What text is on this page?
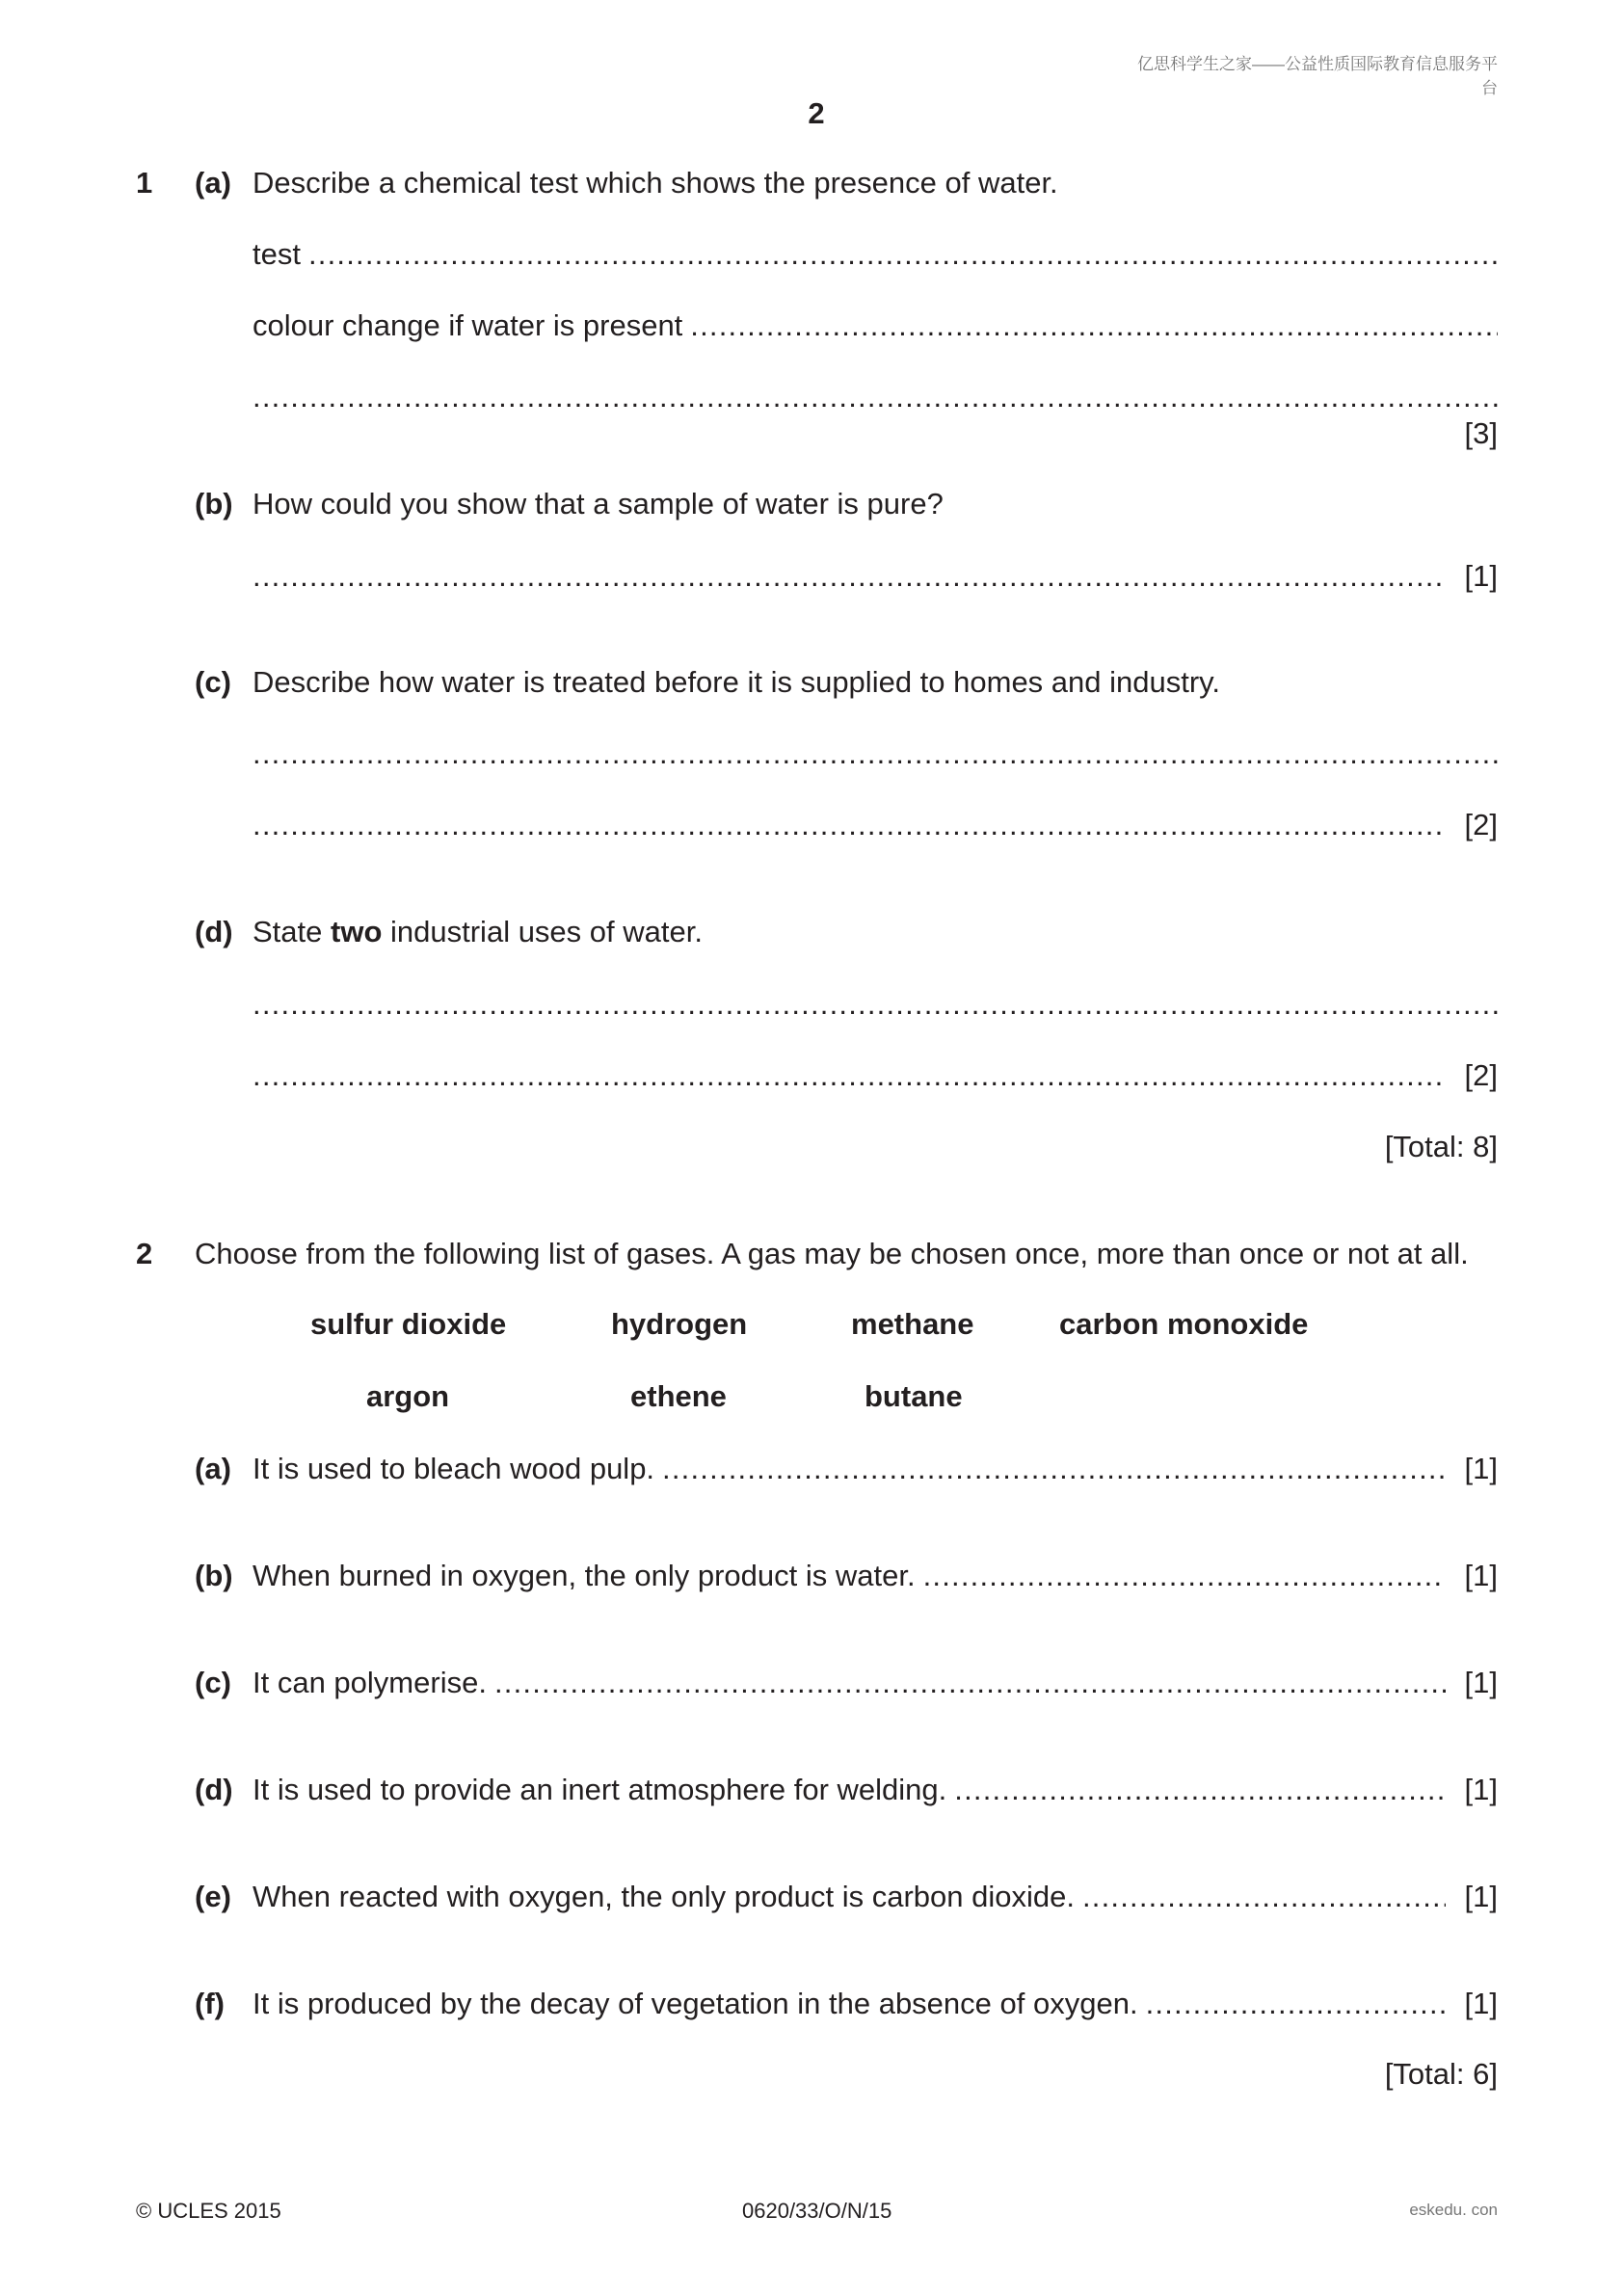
亿思科学生之家——公益性质国际教育信息服务平台
2
1 (a) Describe a chemical test which shows the presence of water.
test
.....
colour change if water is present
.....
.....
[3]
(b) How could you show that a sample of water is pure?
.....
[1]
(c) Describe how water is treated before it is supplied to homes and industry.
.....
.....
[2]
(d) State two industrial uses of water.
.....
.....
[2]
[Total: 8]
2 Choose from the following list of gases. A gas may be chosen once, more than once or not at all.
sulfur dioxide	hydrogen	methane	carbon monoxide
argon	ethene	butane
(a) It is used to bleach wood pulp. .....	[1]
(b) When burned in oxygen, the only product is water. .....	[1]
(c) It can polymerise. .....	[1]
(d) It is used to provide an inert atmosphere for welding. .....	[1]
(e) When reacted with oxygen, the only product is carbon dioxide. .....	[1]
(f) It is produced by the decay of vegetation in the absence of oxygen. .....	[1]
[Total: 6]
© UCLES 2015	0620/33/O/N/15	eskedu. con
